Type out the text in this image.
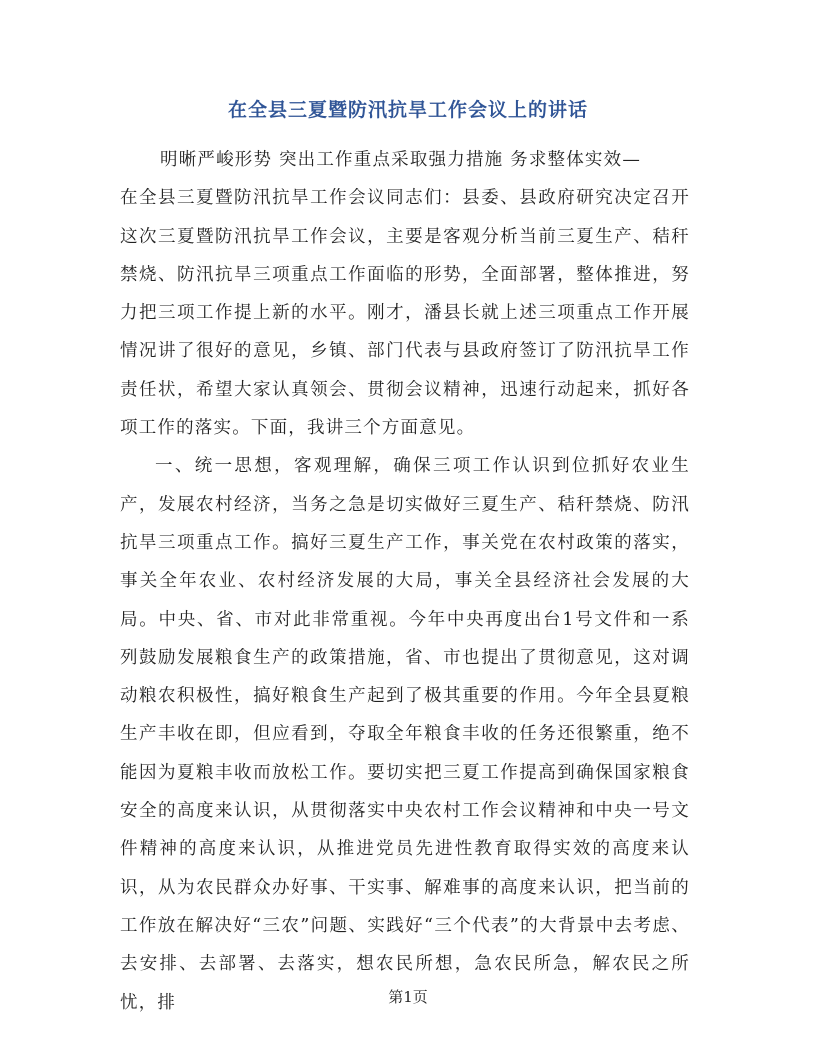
在全县三夏暨防汛抗旱工作会议上的讲话

明晰严峻形势 突出工作重点采取强力措施 务求整体实效—

在全县三夏暨防汛抗旱工作会议同志们：县委、县政府研究决定召开这次三夏暨防汛抗旱工作会议，主要是客观分析当前三夏生产、秸秆禁烧、防汛抗旱三项重点工作面临的形势，全面部署，整体推进，努力把三项工作提上新的水平。刚才，潘县长就上述三项重点工作开展情况讲了很好的意见，乡镇、部门代表与县政府签订了防汛抗旱工作责任状，希望大家认真领会、贯彻会议精神，迅速行动起来，抓好各项工作的落实。下面，我讲三个方面意见。

一、统一思想，客观理解，确保三项工作认识到位抓好农业生产，发展农村经济，当务之急是切实做好三夏生产、秸秆禁烧、防汛抗旱三项重点工作。搞好三夏生产工作，事关党在农村政策的落实，事关全年农业、农村经济发展的大局，事关全县经济社会发展的大局。中央、省、市对此非常重视。今年中央再度出台1号文件和一系列鼓励发展粮食生产的政策措施，省、市也提出了贯彻意见，这对调动粮农积极性，搞好粮食生产起到了极其重要的作用。今年全县夏粮生产丰收在即，但应看到，夺取全年粮食丰收的任务还很繁重，绝不能因为夏粮丰收而放松工作。要切实把三夏工作提高到确保国家粮食安全的高度来认识，从贯彻落实中央农村工作会议精神和中央一号文件精神的高度来认识，从推进党员先进性教育取得实效的高度来认识，从为农民群众办好事、干实事、解难事的高度来认识，把当前的工作放在解决好“三农”问题、实践好“三个代表”的大背景中去考虑、去安排、去部署、去落实，想农民所想，急农民所急，解农民之所忧，排	第1页
